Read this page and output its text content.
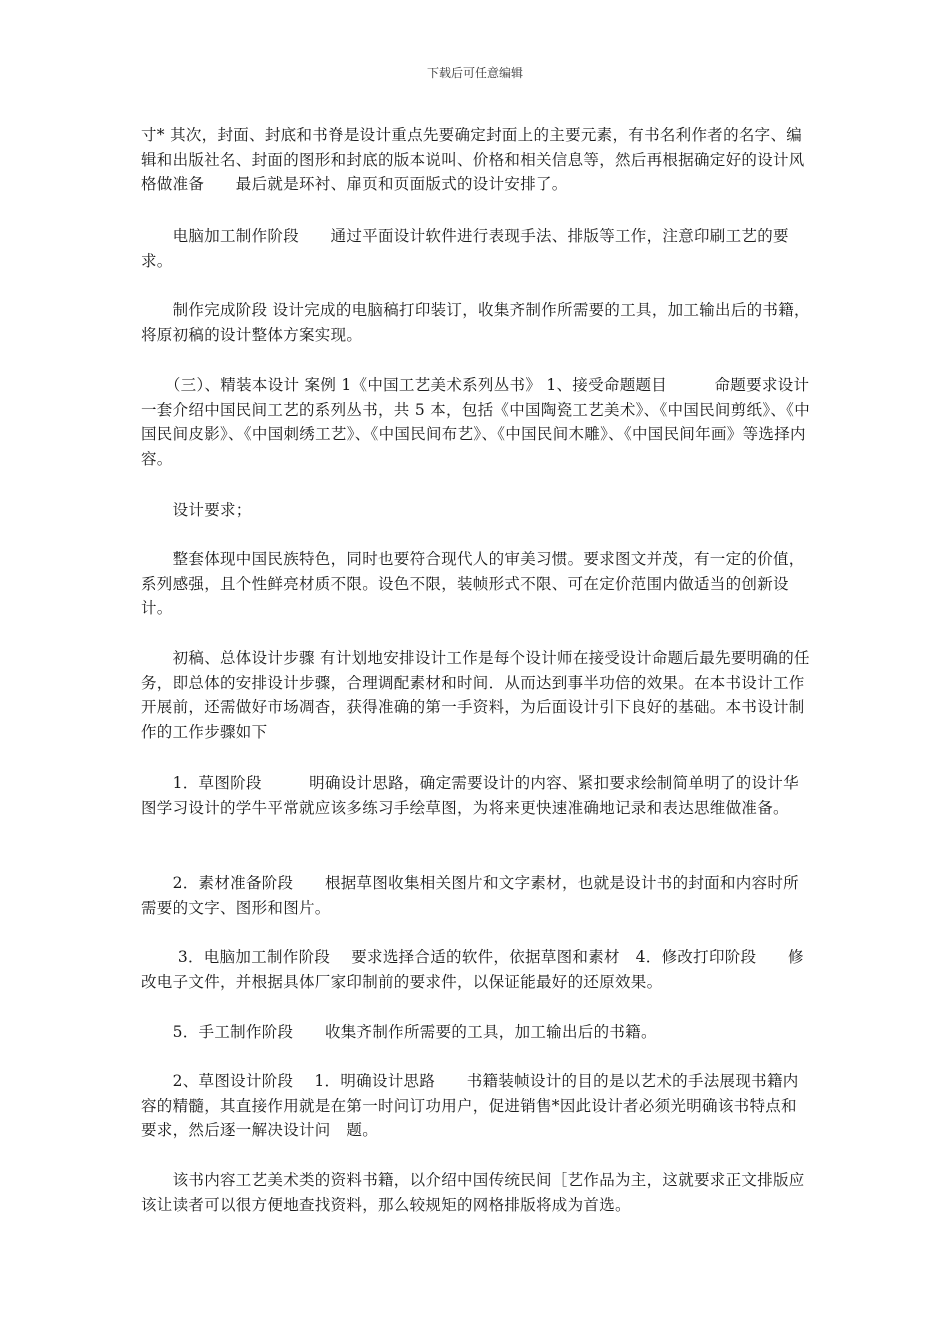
下载后可任意编辑

寸* 其次，封面、封底和书脊是设计重点先要确定封面上的主要元素，有书名利作者的名字、编辑和出版社名、封面的图形和封底的版本说叫、价格和相关信息等，然后再根据确定好的设计风格做准备　　最后就是环衬、扉页和页面版式的设计安排了。

　　电脑加工制作阶段　　通过平面设计软件进行表现手法、排版等工作，注意印刷工艺的要求。

　　制作完成阶段 设计完成的电脑稿打印装订，收集齐制作所需要的工具，加工输出后的书籍，将原初稿的设计整体方案实现。

　　（三）、精装本设计 案例 1《中国工艺美术系列丛书》 1、接受命题题目　　　命题要求设计一套介绍中国民间工艺的系列丛书，共 5 本，包括《中国陶瓷工艺美术》、《中国民间剪纸》、《中国民间皮影》、《中国刺绣工艺》、《中国民间布艺》、《中国民间木雕》、《中国民间年画》等选择内容。

　　设计要求；

　　整套体现中国民族特色，同时也要符合现代人的审美习惯。要求图文并茂，有一定的价值，系列感强，且个性鲜亮材质不限。设色不限，装帧形式不限、可在定价范围内做适当的创新设计。

　　初稿、总体设计步骤 有计划地安排设计工作是每个设计师在接受设计命题后最先要明确的任务，即总体的安排设计步骤，合理调配素材和时间．从而达到事半功倍的效果。在本书设计工作开展前，还需做好市场凋杳，获得准确的第一手资料，为后面设计引下良好的基础。本书设计制作的工作步骤如下

　　1．草图阶段　　　明确设计思路，确定需要设计的内容、紧扣要求绘制简单明了的设计华图学习设计的学牛平常就应该多练习手绘草图，为将来更快速准确地记录和表达思维做准备。

　　2．素材准备阶段　　根据草图收集相关图片和文字素材，也就是设计书的封面和内容时所需要的文字、图形和图片。

　　 3．电脑加工制作阶段　 要求选择合适的软件，依据草图和素材　4．修改打印阶段　　修改电子文件，并根据具体厂家印制前的要求件，以保证能最好的还原效果。

　　5．手工制作阶段　　收集齐制作所需要的工具，加工输出后的书籍。

　　2、草图设计阶段　 1．明确设计思路　　书籍装帧设计的目的是以艺术的手法展现书籍内容的精髓，其直接作用就是在第一时问订功用户，促进销售*因此设计者必须光明确该书特点和要求，然后逐一解决设计问　题。

　　该书内容工艺美术类的资料书籍，以介绍中国传统民间［艺作品为主，这就要求正文排版应该让读者可以很方便地查找资料，那么较规矩的网格排版将成为首选。
